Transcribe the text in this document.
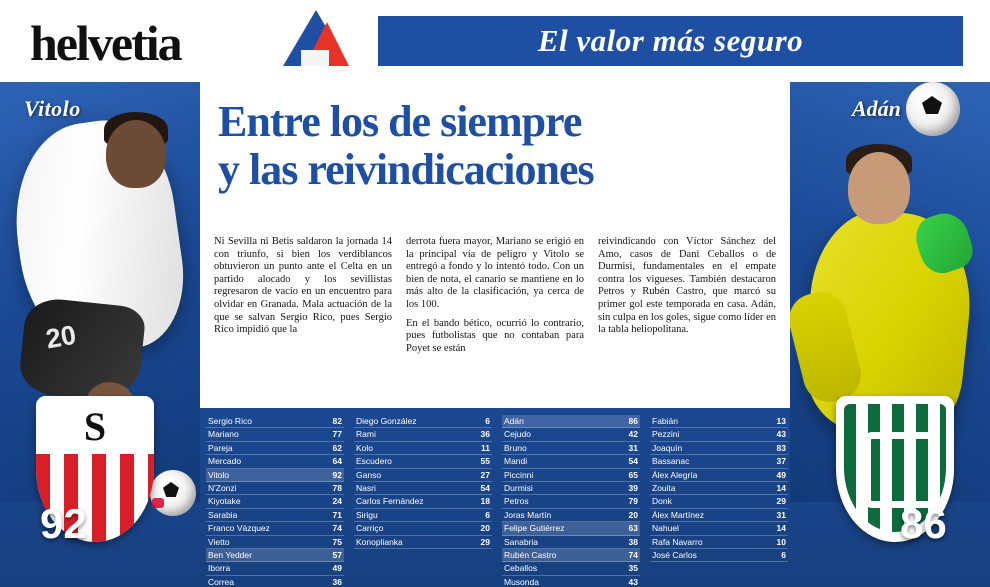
helvetia	El valor más seguro
20
Vitolo
S
92
Adán
86
Entre los de siempre
y las reivindicaciones

Ni Sevilla ni Betis saldaron la jornada 14 con triunfo, si bien los verdiblancos obtuvieron un punto ante el Celta en un partido alocado y los sevillistas regresaron de vacío en un encuentro para olvidar en Granada. Mala actuación de la que se salvan Sergio Rico, pues Sergio Rico impidió que la

derrota fuera mayor, Mariano se erigió en la principal vía de peligro y Vitolo se entregó a fondo y lo intentó todo. Con un bien de nota, el canario se mantiene en lo más alto de la clasificación, ya cerca de los 100.

En el bando bético, ocurrió lo contrario, pues futbolistas que no contaban para Poyet se están

reivindicando con Víctor Sánchez del Amo, casos de Dani Ceballos o de Durmisi, fundamentales en el empate contra los vigueses. También destacaron Petros y Rubén Castro, que marcó su primer gol este temporada en casa. Adán, sin culpa en los goles, sigue como líder en la tabla heliopolitana.

Sergio Rico	82
Mariano	77
Pareja	62
Mercado	64
Vitolo	92
N'Zonzi	78
Kiyotake	24
Sarabia	71
Franco Vázquez	74
Vietto	75
Ben Yedder	57
Iborra	49
Correa	36
Diego González	6
Rami	36
Kolo	11
Escudero	55
Ganso	27
Nasri	54
Carlos Fernández	18
Sirigu	6
Carriço	20
Konoplianka	29
Adán	86
Cejudo	42
Bruno	31
Mandi	54
Piccinni	65
Durmisi	39
Petros	79
Joras Martín	20
Felipe Gutiérrez	63
Sanabria	38
Rubén Castro	74
Ceballos	35
Musonda	43
Fabián	13
Pezzini	43
Joaquín	83
Bassanac	37
Álex Alegría	49
Zouita	14
Donk	29
Álex Martínez	31
Nahuel	14
Rafa Navarro	10
José Carlos	6
